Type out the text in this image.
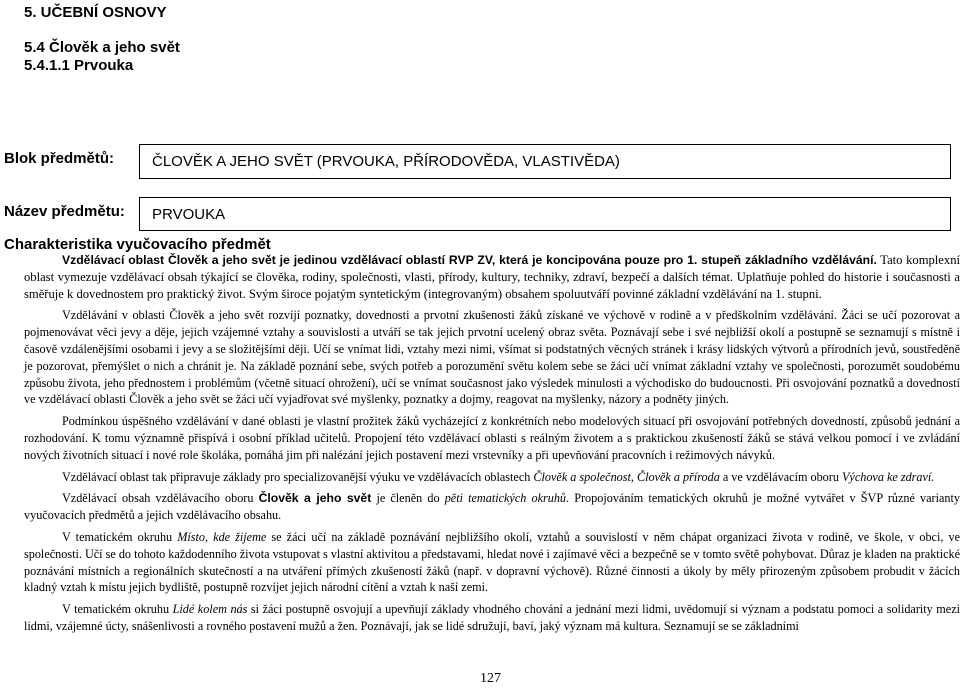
5. UČEBNÍ OSNOVY
5.4 Člověk a jeho svět
5.4.1.1 Prvouka
Blok předmětů:	ČLOVĚK A JEHO SVĚT (PRVOUKA, PŘÍRODOVĚDA, VLASTIVĚDA)
Název předmětu: PRVOUKA
Charakteristika vyučovacího předmět

Vzdělávací oblast Člověk a jeho svět je jedinou vzdělávací oblastí RVP ZV, která je koncipována pouze pro 1. stupeň základního vzdělávání. Tato komplexní oblast vymezuje vzdělávací obsah týkající se člověka, rodiny, společnosti, vlasti, přírody, kultury, techniky, zdraví, bezpečí a dalších témat. Uplatňuje pohled do historie i současnosti a směřuje k dovednostem pro praktický život. Svým široce pojatým syntetickým (integrovaným) obsahem spoluutváří povinné základní vzdělávání na 1. stupni.

Vzdělávání v oblasti Člověk a jeho svět rozvíjí poznatky, dovednosti a prvotní zkušenosti žáků získané ve výchově v rodině a v předškolním vzdělávání. Žáci se učí pozorovat a pojmenovávat věci jevy a děje, jejich vzájemné vztahy a souvislosti a utváří se tak jejich prvotní ucelený obraz světa. Poznávají sebe i své nejbližší okolí a postupně se seznamují s místně i časově vzdálenějšími osobami i jevy a se složitějšími ději. Učí se vnímat lidi, vztahy mezi nimi, všímat si podstatných věcných stránek i krásy lidských výtvorů a přírodních jevů, soustředěně je pozorovat, přemýšlet o nich a chránit je. Na základě poznání sebe, svých potřeb a porozumění světu kolem sebe se žáci učí vnímat základní vztahy ve společnosti, porozumět soudobému způsobu života, jeho přednostem i problémům (včetně situací ohrožení), učí se vnímat současnost jako výsledek minulosti a východisko do budoucnosti. Při osvojování poznatků a dovedností ve vzdělávací oblasti Člověk a jeho svět se žáci učí vyjadřovat své myšlenky, poznatky a dojmy, reagovat na myšlenky, názory a podněty jiných.

Podmínkou úspěšného vzdělávání v dané oblasti je vlastní prožitek žáků vycházející z konkrétních nebo modelových situací při osvojování potřebných dovedností, způsobů jednání a rozhodování. K tomu významně přispívá i osobní příklad učitelů. Propojení této vzdělávací oblasti s reálným životem a s praktickou zkušeností žáků se stává velkou pomocí i ve zvládání nových životních situací i nové role školáka, pomáhá jim při nalézání jejich postavení mezi vrstevníky a při upevňování pracovních i režimových návyků.

Vzdělávací oblast tak připravuje základy pro specializovanější výuku ve vzdělávacích oblastech Člověk a společnost, Člověk a příroda a ve vzdělávacím oboru Výchova ke zdraví.

Vzdělávací obsah vzdělávacího oboru Člověk a jeho svět je členěn do pěti tematických okruhů. Propojováním tematických okruhů je možné vytvářet v ŠVP různé varianty vyučovacích předmětů a jejich vzdělávacího obsahu.

V tematickém okruhu Místo, kde žijeme se žáci učí na základě poznávání nejbližšího okolí, vztahů a souvislostí v něm chápat organizaci života v rodině, ve škole, v obci, ve společnosti. Učí se do tohoto každodenního života vstupovat s vlastní aktivitou a představami, hledat nové i zajímavé věci a bezpečně se v tomto světě pohybovat. Důraz je kladen na praktické poznávání místních a regionálních skutečností a na utváření přímých zkušeností žáků (např. v dopravní výchově). Různé činnosti a úkoly by měly přirozeným způsobem probudit v žácích kladný vztah k místu jejich bydliště, postupně rozvíjet jejich národní cítění a vztah k naší zemi.

V tematickém okruhu Lidé kolem nás si žáci postupně osvojují a upevňují základy vhodného chování a jednání mezi lidmi, uvědomují si význam a podstatu pomoci a solidarity mezi lidmi, vzájemné úcty, snášenlivosti a rovného postavení mužů a žen. Poznávají, jak se lidé sdružují, baví, jaký význam má kultura. Seznamují se se základními

127
